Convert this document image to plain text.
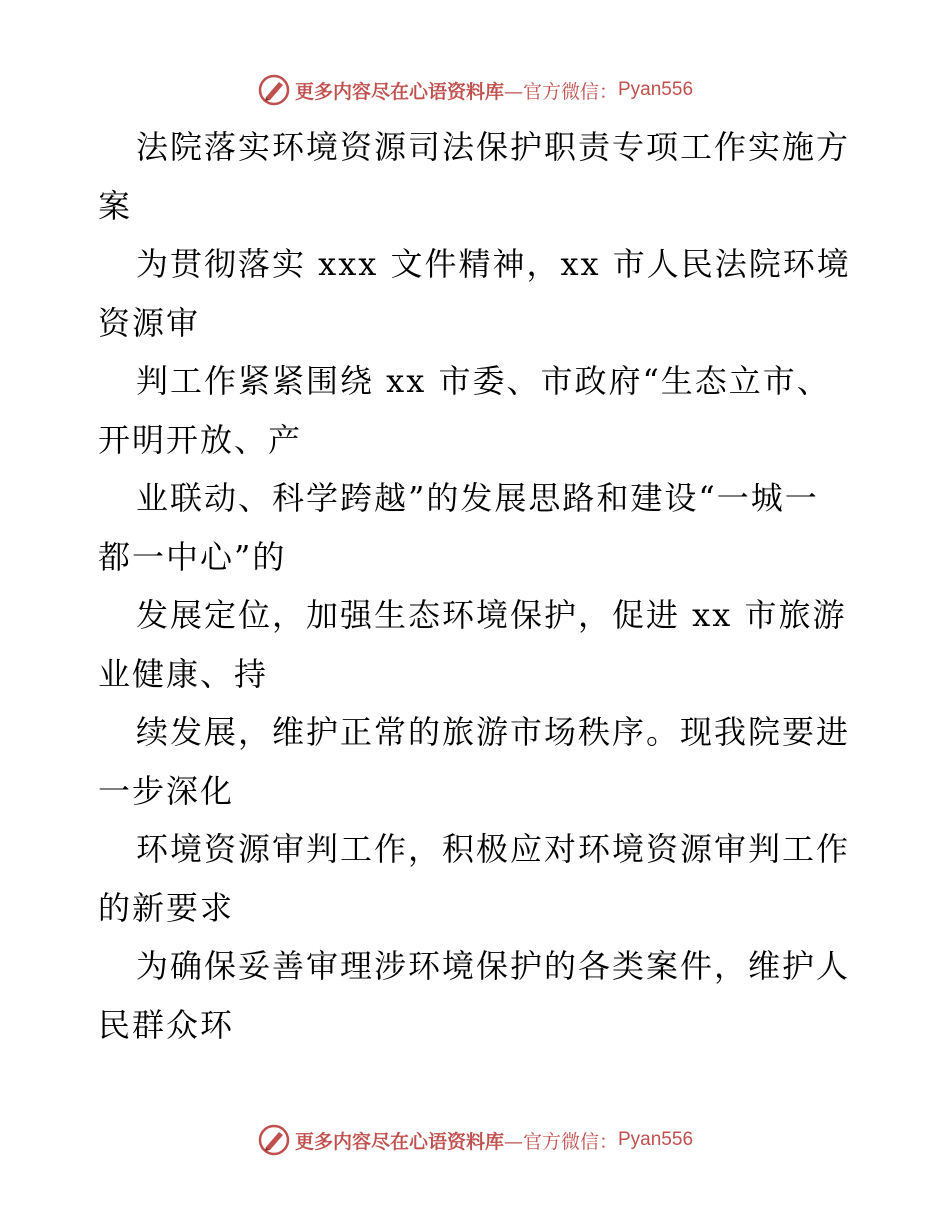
更多内容尽在心语资料库 —官方微信： Pyan556
法院落实环境资源司法保护职责专项工作实施方
案
为贯彻落实 xxx 文件精神，xx 市人民法院环境
资源审
判工作紧紧围绕 xx 市委、市政府“生态立市、
开明开放、产
业联动、科学跨越”的发展思路和建设“一城一
都一中心”的
发展定位，加强生态环境保护，促进 xx 市旅游
业健康、持
续发展，维护正常的旅游市场秩序。现我院要进
一步深化
环境资源审判工作，积极应对环境资源审判工作
的新要求
为确保妥善审理涉环境保护的各类案件，维护人
民群众环
更多内容尽在心语资料库 —官方微信： Pyan556
